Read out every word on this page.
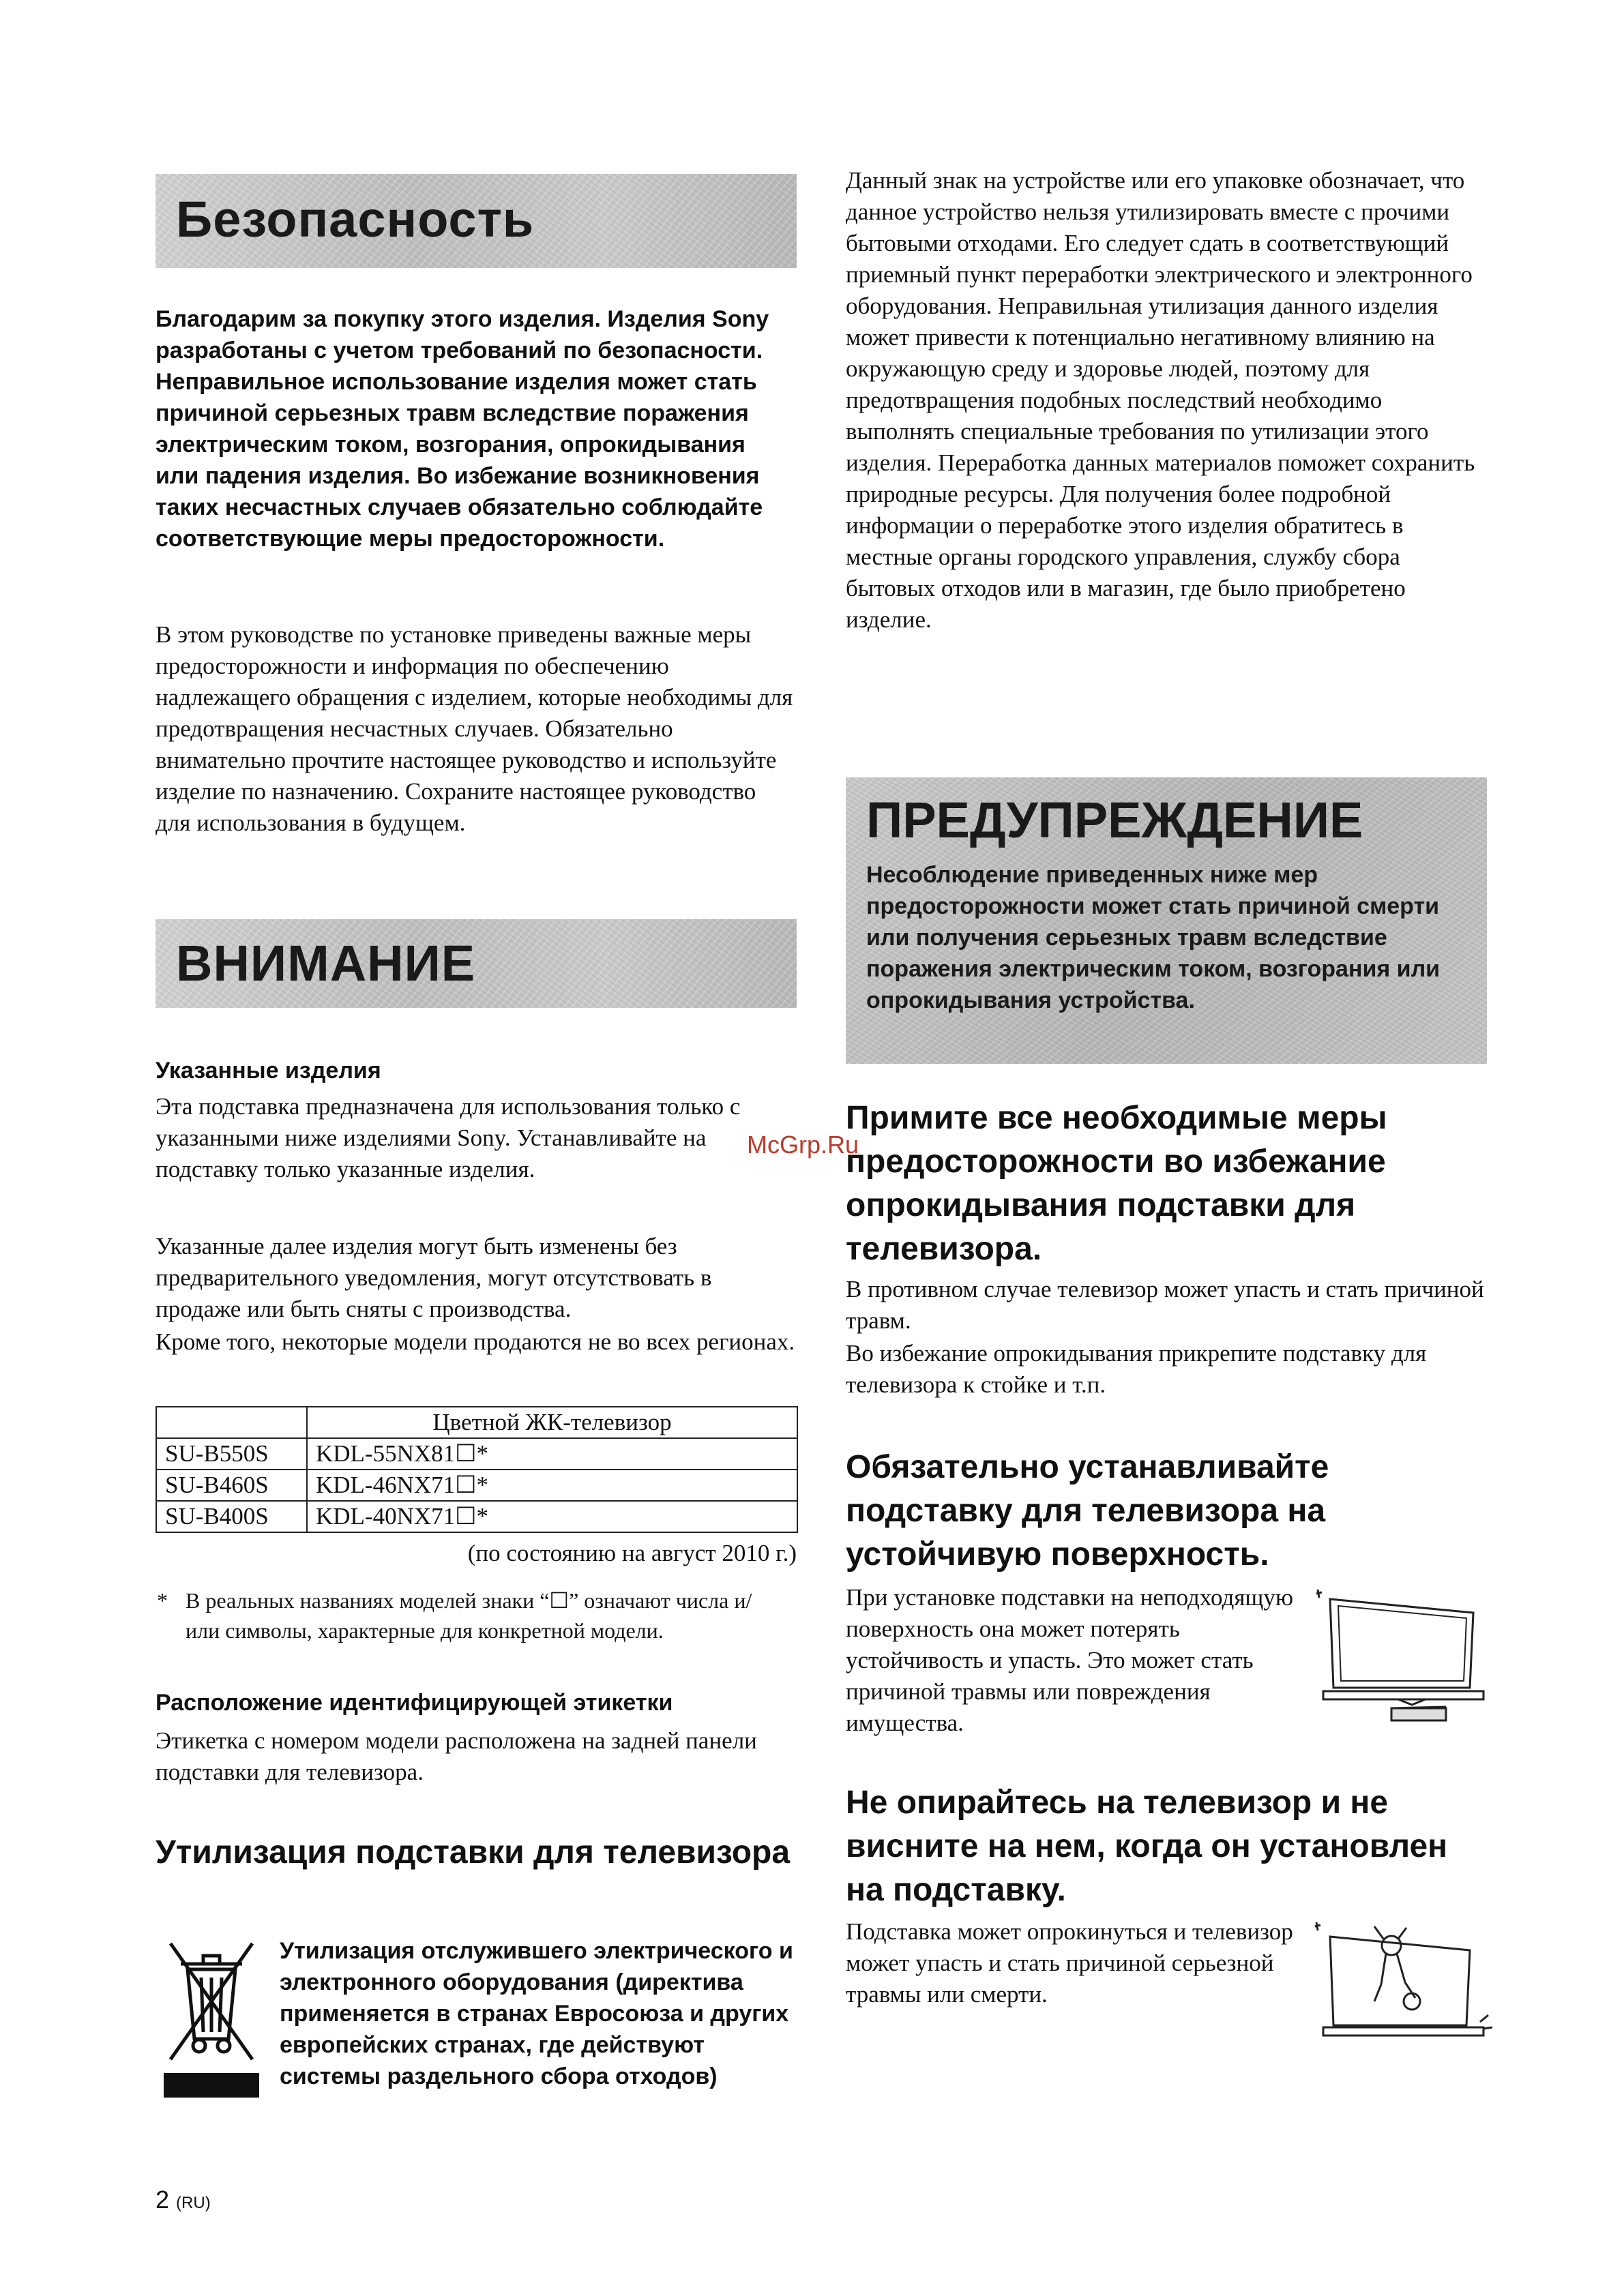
Безопасность
Благодарим за покупку этого изделия. Изделия Sony разработаны с учетом требований по безопасности. Неправильное использование изделия может стать причиной серьезных травм вследствие поражения электрическим током, возгорания, опрокидывания или падения изделия. Во избежание возникновения таких несчастных случаев обязательно соблюдайте соответствующие меры предосторожности.

В этом руководстве по установке приведены важные меры предосторожности и информация по обеспечению надлежащего обращения с изделием, которые необходимы для предотвращения несчастных случаев. Обязательно внимательно прочтите настоящее руководство и используйте изделие по назначению. Сохраните настоящее руководство для использования в будущем.

ВНИМАНИЕ
Указанные изделия

Эта подставка предназначена для использования только с указанными ниже изделиями Sony. Устанавливайте на подставку только указанные изделия.

Указанные далее изделия могут быть изменены без предварительного уведомления, могут отсутствовать в продаже или быть сняты с производства.

Кроме того, некоторые модели продаются не во всех регионах.

	Цветной ЖК-телевизор
SU-B550S	KDL-55NX81☐*
SU-B460S	KDL-46NX71☐*
SU-B400S	KDL-40NX71☐*
(по состоянию на август 2010 г.)
* В реальных названиях моделей знаки “☐” означают числа и/или символы, характерные для конкретной модели.
Расположение идентифицирующей этикетки

Этикетка с номером модели расположена на задней панели подставки для телевизора.

Утилизация подставки для телевизора
Утилизация отслужившего электрического и электронного оборудования (директива применяется в странах Евросоюза и других европейских странах, где действуют системы раздельного сбора отходов)
2 (RU)

Данный знак на устройстве или его упаковке обозначает, что данное устройство нельзя утилизировать вместе с прочими бытовыми отходами. Его следует сдать в соответствующий приемный пункт переработки электрического и электронного оборудования. Неправильная утилизация данного изделия может привести к потенциально негативному влиянию на окружающую среду и здоровье людей, поэтому для предотвращения подобных последствий необходимо выполнять специальные требования по утилизации этого изделия. Переработка данных материалов поможет сохранить природные ресурсы. Для получения более подробной информации о переработке этого изделия обратитесь в местные органы городского управления, службу сбора бытовых отходов или в магазин, где было приобретено изделие.

ПРЕДУПРЕЖДЕНИЕ
Несоблюдение приведенных ниже мер предосторожности может стать причиной смерти или получения серьезных травм вследствие поражения электрическим током, возгорания или опрокидывания устройства.
Примите все необходимые меры предосторожности во избежание опрокидывания подставки для телевизора.
McGrp.Ru

В противном случае телевизор может упасть и стать причиной травм.

Во избежание опрокидывания прикрепите подставку для телевизора к стойке и т.п.

Обязательно устанавливайте подставку для телевизора на устойчивую поверхность.

При установке подставки на неподходящую поверхность она может потерять устойчивость и упасть. Это может стать причиной травмы или повреждения имущества.

Не опирайтесь на телевизор и не висните на нем, когда он установлен на подставку.

Подставка может опрокинуться и телевизор может упасть и стать причиной серьезной травмы или смерти.
